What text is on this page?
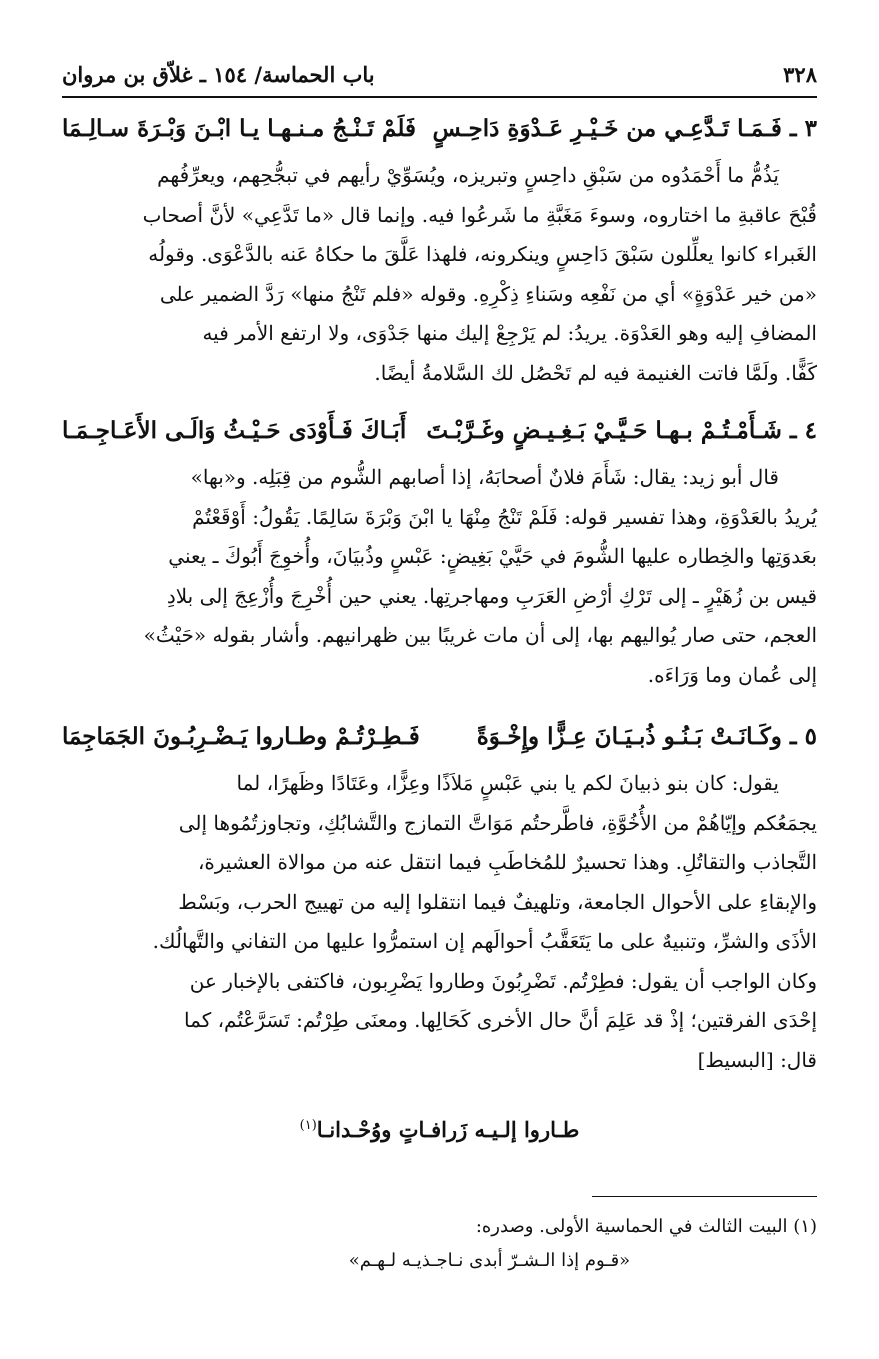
٣٢٨
باب الحماسة/ ١٥٤ ـ غلاّق بن مروان
٣ ـ فَـمَـا تَـدَّعِـي من خَـيْـرِ عَـدْوَةِ دَاحِـسٍ
فَلَمْ تَـنْـجُ مـنـهـا يـا ابْـنَ وَبْـرَةَ سـالِـمَا

يَذُمُّ ما أَحْمَدُوه من سَبْقِ داحِسٍ وتبريزه، ويُسَوِّيْ رأيهم في تبجُّحِهم، ويعرِّفُهم

قُبْحَ عاقبةِ ما اختاروه، وسوءَ مَغَبَّةِ ما شَرعُوا فيه. وإنما قال «ما تَدَّعِي» لأنَّ أصحاب

الغَبراء كانوا يعلِّلون سَبْقَ دَاحِسٍ وينكرونه، فلهذا عَلَّقَ ما حكاهُ عَنه بالدَّعْوَى. وقولُه

«من خير عَدْوَةٍ» أي من نَفْعِه وسَناءِ ذِكْرِهِ. وقوله «فلم تَنْجُ منها» رَدَّ الضمير على

المضافِ إليه وهو العَدْوَة. يريدُ: لم يَرْجِعْ إليك منها جَدْوَى، ولا ارتفع الأمر فيه

كَفًّا. ولَمَّا فاتت الغنيمة فيه لم تَحْصُل لك السَّلامةُ أيضًا.

٤ ـ شَـأَمْـتُـمْ بـهـا حَـيَّـيْ بَـغِـيـضٍ وغَـرَّبْـتَ
أَبَـاكَ فَـأَوْدَى حَـيْـثُ وَالَـى الأَعَـاجِـمَـا

قال أبو زيد: يقال: شَأَمَ فلانٌ أصحابَهُ، إذا أصابهم الشُّوم من قِبَلِه. و«بها»

يُريدُ بالعَدْوَةِ، وهذا تفسير قوله: فَلَمْ تَنْجُ مِنْهَا يا ابْنَ وَبْرَةَ سَالِمًا. يَقُولُ: أَوْقَعْتُمْ

بعَدوَتِها والخِطاره عليها الشُّومَ في حَيَّيْ بَغِيضٍ: عَبْسٍ وذُبيَانَ، وأُخوِجَ أَبُوكَ ـ يعني

قيس بن زُهَيْرٍ ـ إلى تَرْكِ أرْضِ العَرَبِ ومهاجرتِها. يعني حين أُخْرِجَ وأُزْعِجَ إلى بلادِ

العجم، حتى صار يُواليهم بها، إلى أن مات غريبًا بين ظهرانيهم. وأشار بقوله «حَيْثُ»

إلى عُمان وما وَرَاءَه.

٥ ـ وكَـانَـتْ بَـنُـو ذُبـيَـانَ عِـزًّا وإِخْـوَةً
فَـطِـرْتُـمْ وطـاروا يَـضْـرِبُـونَ الجَمَاجِمَا

يقول: كان بنو ذبيانَ لكم يا بني عَبْسٍ مَلاَذًا وعِزًّا، وعَتَادًا وظَهرًا، لما

يجمَعُكم وإيّاهُمْ من الأُخُوَّةِ، فاطَّرحتُم مَوَاتَّ التمازج والتَّشابُكِ، وتجاوزتُمُوها إلى

التَّجاذب والتقاتُلِ. وهذا تحسيرٌ للمُخاطَبِ فيما انتقل عنه من موالاة العشيرة،

والإبقاءِ على الأحوال الجامعة، وتلهيفٌ فيما انتقلوا إليه من تهييج الحرب، وبَسْط

الأذَى والشرِّ، وتنبيهٌ على ما يَتَعَقَّبُ أحوالَهم إن استمرُّوا عليها من التفاني والتَّهالُك.

وكان الواجب أن يقول: فطِرْتُم. تَضْرِبُونَ وطاروا يَضْرِبون، فاكتفى بالإخبار عن

إحْدَى الفرقتين؛ إذْ قد عَلِمَ أنَّ حال الأخرى كَحَالِها. ومعنَى طِرْتُم: تَسَرَّعْتُم، كما

قال: [البسيط]

طـاروا إلـيـه زَرافـاتٍ ووُحْـدانـا$^{(١)}$

(١) البيت الثالث في الحماسية الأولى. وصدره:

«قـوم إذا الـشـرّ أبدى نـاجـذيـه لـهـم»
